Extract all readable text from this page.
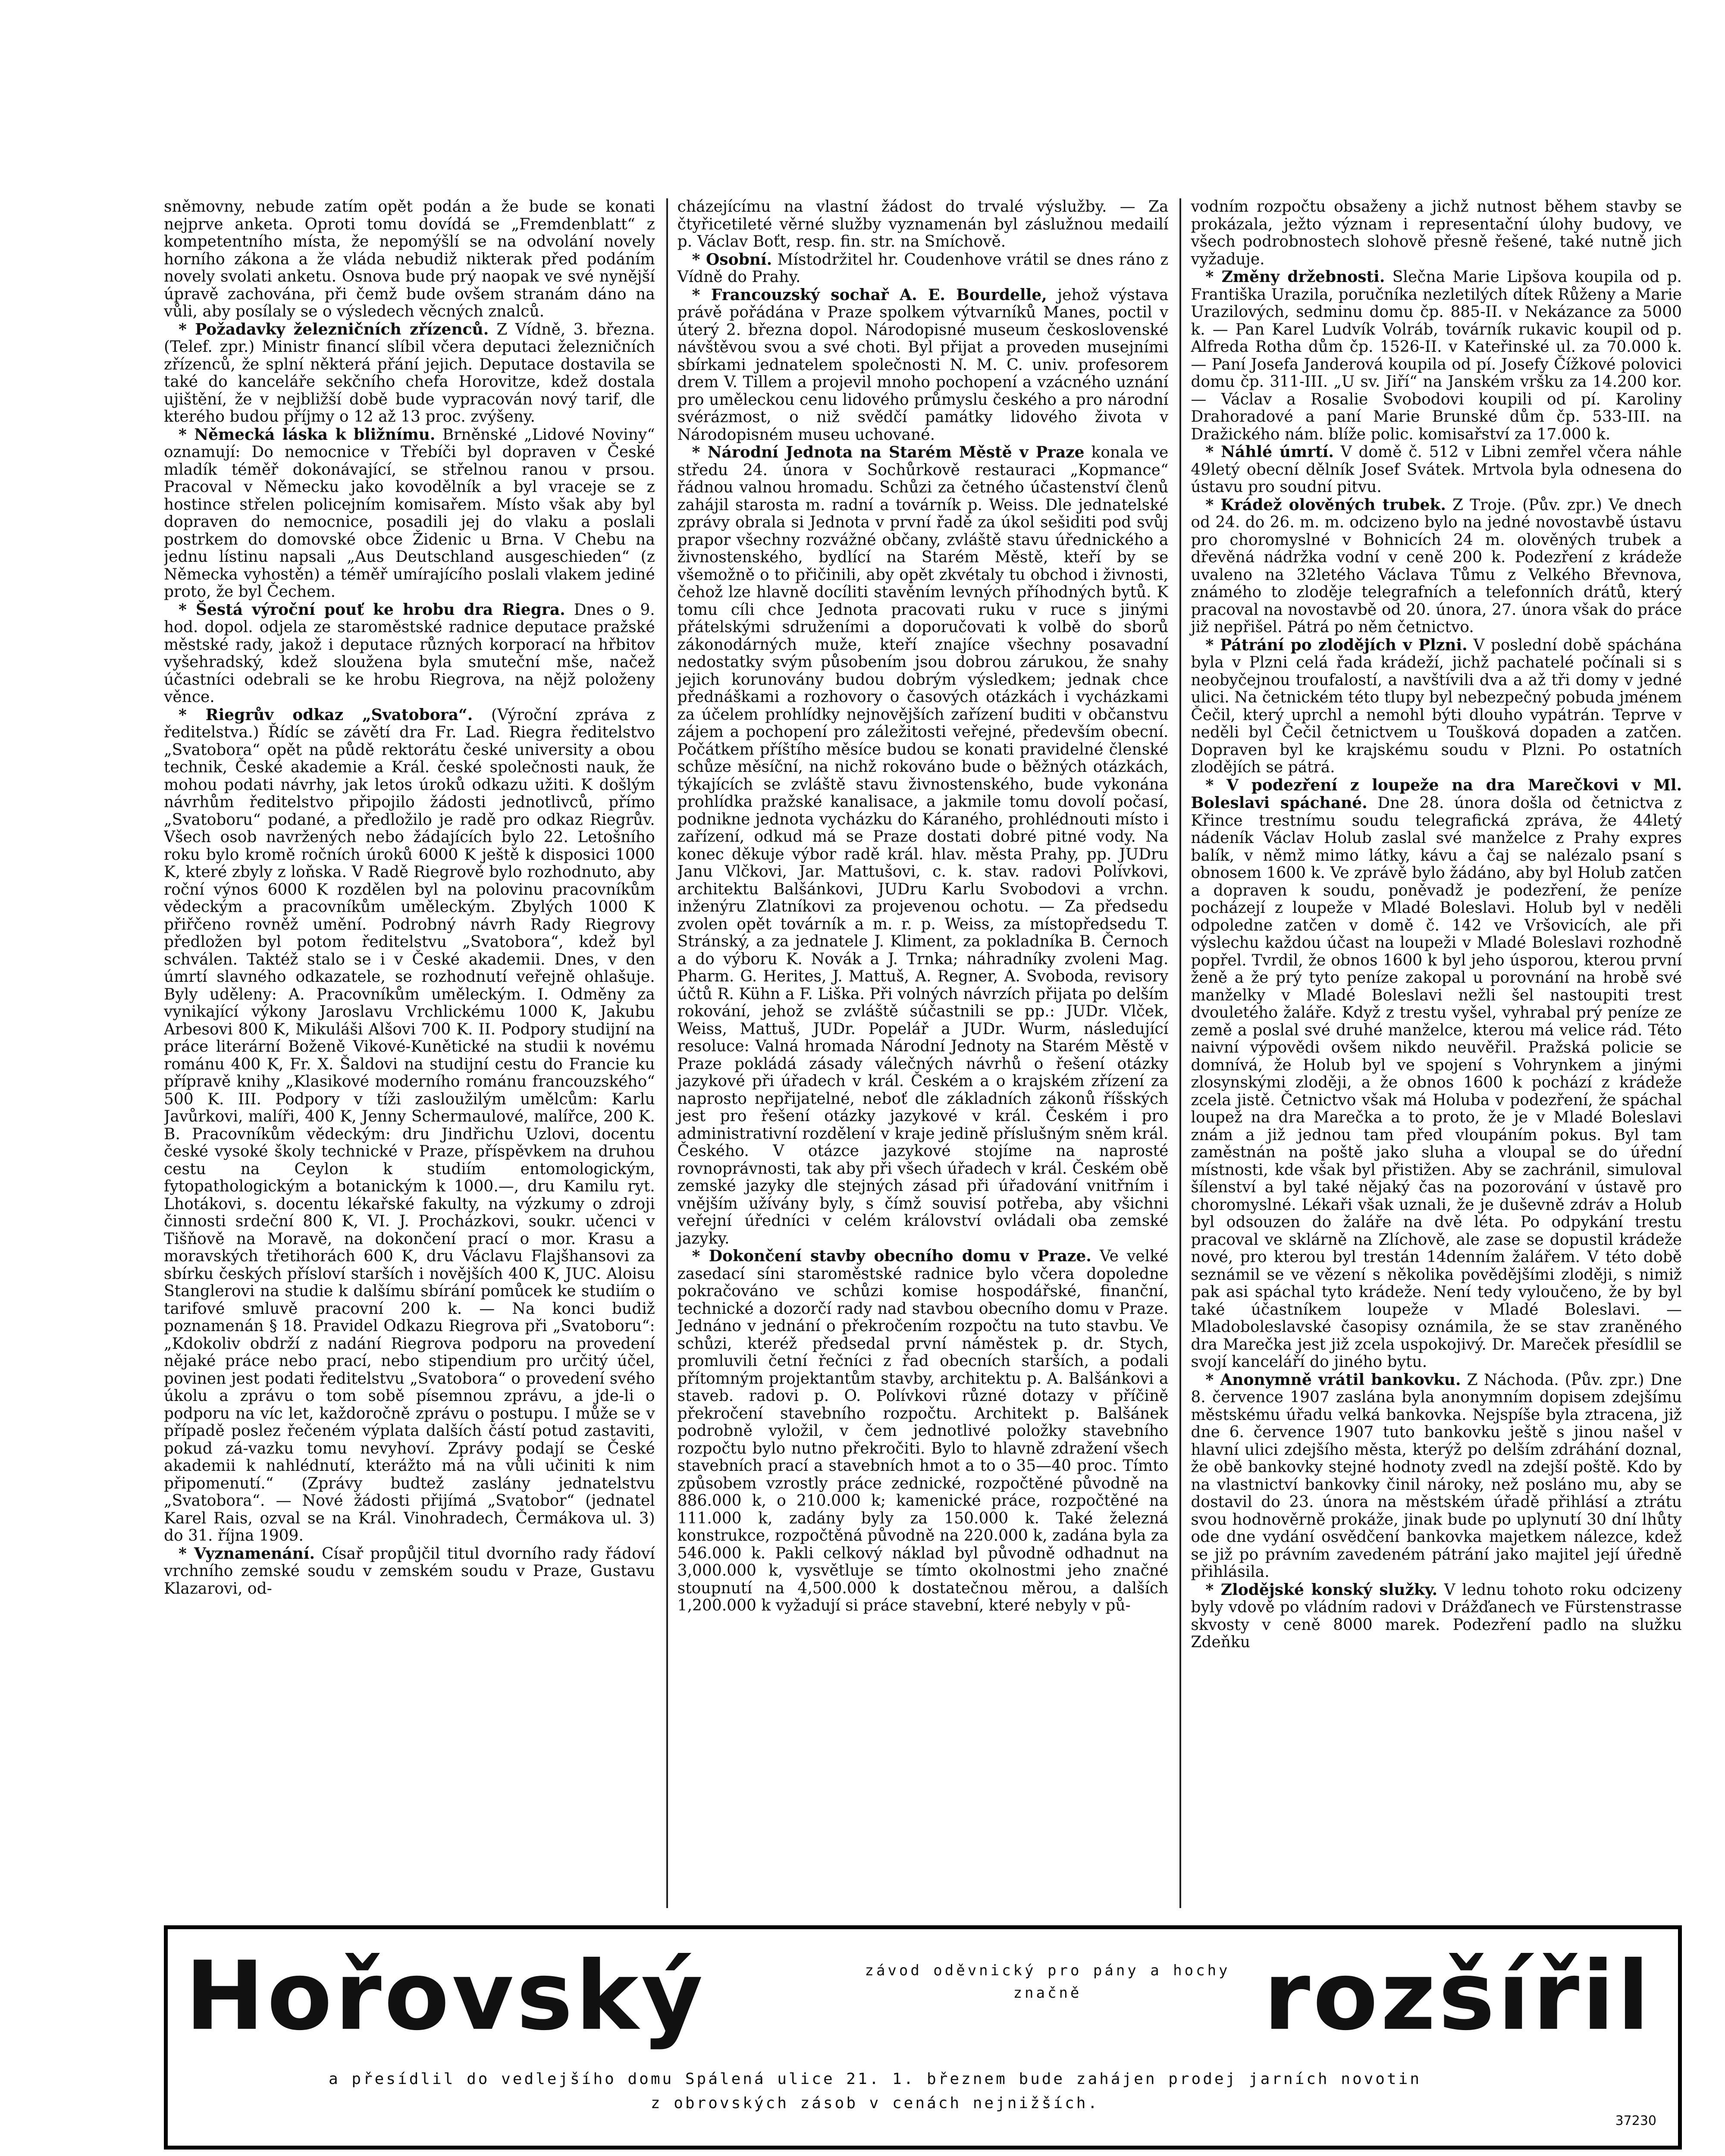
sněmovny, nebude zatím opět podán a že bude se konati nejprve anketa. Oproti tomu dovídá se „Fremdenblatt“ z kompetentního místa, že nepomýšlí se na odvolání novely horního zákona a že vláda nebudiž nikterak před podáním novely svolati anketu. Osnova bude prý naopak ve své nynější úpravě zachována, při čemž bude ovšem stranám dáno na vůli, aby posílaly se o výsledech věcných znalců.

* Požadavky železničních zřízenců. Z Vídně, 3. března. (Telef. zpr.) Ministr financí slíbil včera deputaci železničních zřízenců, že splní některá přání jejich. Deputace dostavila se také do kanceláře sekčního chefa Horovitze, kdež dostala ujištění, že v nejbližší době bude vypracován nový tarif, dle kterého budou příjmy o 12 až 13 proc. zvýšeny.

* Německá láska k bližnímu. Brněnské „Lidové Noviny“ oznamují: Do nemocnice v Třebíči byl dopraven v České mladík téměř dokonávající, se střelnou ranou v prsou. Pracoval v Německu jako kovodělník a byl vraceje se z hostince střelen policejním komisařem. Místo však aby byl dopraven do nemocnice, posadili jej do vlaku a poslali postrkem do domovské obce Židenic u Brna. V Chebu na jednu lístinu napsali „Aus Deutschland ausgeschieden“ (z Německa vyhostěn) a téměř umírajícího poslali vlakem jediné proto, že byl Čechem.

* Šestá výroční pouť ke hrobu dra Riegra. Dnes o 9. hod. dopol. odjela ze staroměstské radnice deputace pražské městské rady, jakož i deputace různých korporací na hřbitov vyšehradský, kdež sloužena byla smuteční mše, načež účastníci odebrali se ke hrobu Riegrova, na nějž položeny věnce.

* Riegrův odkaz „Svatobora“. (Výroční zpráva z ředitelstva.) Řídíc se závětí dra Fr. Lad. Riegra ředitelstvo „Svatobora“ opět na půdě rektorátu české university a obou technik, České akademie a Král. české společnosti nauk, že mohou podati návrhy, jak letos úroků odkazu užiti. K došlým návrhům ředitelstvo připojilo žádosti jednotlivců, přímo „Svatoboru“ podané, a předložilo je radě pro odkaz Riegrův. Všech osob navržených nebo žádajících bylo 22. Letošního roku bylo kromě ročních úroků 6000 K ještě k disposici 1000 K, které zbyly z loňska. V Radě Riegrově bylo rozhodnuto, aby roční výnos 6000 K rozdělen byl na polovinu pracovníkům vědeckým a pracovníkům uměleckým. Zbylých 1000 K přiřčeno rovněž umění. Podrobný návrh Rady Riegrovy předložen byl potom ředitelstvu „Svatobora“, kdež byl schválen. Taktéž stalo se i v České akademii. Dnes, v den úmrtí slavného odkazatele, se rozhodnutí veřejně ohlašuje. Byly uděleny: A. Pracovníkům uměleckým. I. Odměny za vynikající výkony Jaroslavu Vrchlickému 1000 K, Jakubu Arbesovi 800 K, Mikuláši Alšovi 700 K. II. Podpory studijní na práce literární Boženě Vikové-Kunětické na studii k novému románu 400 K, Fr. X. Šaldovi na studijní cestu do Francie ku přípravě knihy „Klasikové moderního románu francouzského“ 500 K. III. Podpory v tíži zasloužilým umělcům: Karlu Javůrkovi, malíři, 400 K, Jenny Schermaulové, malířce, 200 K. B. Pracovníkům vědeckým: dru Jindřichu Uzlovi, docentu české vysoké školy technické v Praze, příspěvkem na druhou cestu na Ceylon k studiím entomologickým, fytopathologickým a botanickým k 1000.—, dru Kamilu ryt. Lhotákovi, s. docentu lékařské fakulty, na výzkumy o zdroji činnosti srdeční 800 K, VI. J. Procházkovi, soukr. učenci v Tišňově na Moravě, na dokončení prací o mor. Krasu a moravských třetihorách 600 K, dru Václavu Flajšhansovi za sbírku českých přísloví starších i novějších 400 K, JUC. Aloisu Stanglerovi na studie k dalšímu sbírání pomůcek ke studiím o tarifové smluvě pracovní 200 k. — Na konci budiž poznamenán § 18. Pravidel Odkazu Riegrova při „Svatoboru“: „Kdokoliv obdrží z nadání Riegrova podporu na provedení nějaké práce nebo prací, nebo stipendium pro určitý účel, povinen jest podati ředitelstvu „Svatobora“ o provedení svého úkolu a zprávu o tom sobě písemnou zprávu, a jde-li o podporu na víc let, každoročně zprávu o postupu. I může se v případě poslez řečeném výplata dalších částí potud zastaviti, pokud zá-vazku tomu nevyhoví. Zprávy podají se České akademii k nahlédnutí, kterážto má na vůli učiniti k nim připomenutí.“ (Zprávy budtež zaslány jednatelstvu „Svatobora“. — Nové žádosti přijímá „Svatobor“ (jednatel Karel Rais, ozval se na Král. Vinohradech, Čermákova ul. 3) do 31. října 1909.

* Vyznamenání. Císař propůjčil titul dvorního rady řádoví vrchního zemské soudu v zemském soudu v Praze, Gustavu Klazarovi, od-

cházejícímu na vlastní žádost do trvalé výslužby. — Za čtyřicetileté věrné služby vyznamenán byl záslužnou medailí p. Václav Boťt, resp. fin. str. na Smíchově.

* Osobní. Místodržitel hr. Coudenhove vrátil se dnes ráno z Vídně do Prahy.

* Francouzský sochař A. E. Bourdelle, jehož výstava právě pořádána v Praze spolkem výtvarníků Manes, poctil v úterý 2. března dopol. Národopisné museum československé návštěvou svou a své choti. Byl přijat a proveden musejními sbírkami jednatelem společnosti N. M. C. univ. profesorem drem V. Tillem a projevil mnoho pochopení a vzácného uznání pro uměleckou cenu lidového průmyslu českého a pro národní svérázmost, o niž svědčí památky lidového života v Národopisném museu uchované.

* Národní Jednota na Starém Městě v Praze konala ve středu 24. února v Sochůrkově restauraci „Kopmance“ řádnou valnou hromadu. Schůzi za četného účastenství členů zahájil starosta m. radní a továrník p. Weiss. Dle jednatelské zprávy obrala si Jednota v první řadě za úkol sešiditi pod svůj prapor všechny rozvážné občany, zvláště stavu úřednického a živnostenského, bydlící na Starém Městě, kteří by se všemožně o to přičinili, aby opět zkvétaly tu obchod i živnosti, čehož lze hlavně docíliti stavěním levných příhodných bytů. K tomu cíli chce Jednota pracovati ruku v ruce s jinými přátelskými sdruženími a doporučovati k volbě do sborů zákonodárných muže, kteří znajíce všechny posavadní nedostatky svým působením jsou dobrou zárukou, že snahy jejich korunovány budou dobrým výsledkem; jednak chce přednáškami a rozhovory o časových otázkách i vycházkami za účelem prohlídky nejnovějších zařízení buditi v občanstvu zájem a pochopení pro záležitosti veřejné, především obecní. Počátkem příštího měsíce budou se konati pravidelné členské schůze měsíční, na nichž rokováno bude o běžných otázkách, týkajících se zvláště stavu živnostenského, bude vykonána prohlídka pražské kanalisace, a jakmile tomu dovolí počasí, podnikne jednota vycházku do Káraného, prohlédnouti místo i zařízení, odkud má se Praze dostati dobré pitné vody. Na konec děkuje výbor radě král. hlav. města Prahy, pp. JUDru Janu Vlčkovi, Jar. Mattušovi, c. k. stav. radovi Polívkovi, architektu Balšánkovi, JUDru Karlu Svobodovi a vrchn. inženýru Zlatníkovi za projevenou ochotu. — Za předsedu zvolen opět továrník a m. r. p. Weiss, za místopředsedu T. Stránský, a za jednatele J. Kliment, za pokladníka B. Černoch a do výboru K. Novák a J. Trnka; náhradníky zvoleni Mag. Pharm. G. Herites, J. Mattuš, A. Regner, A. Svoboda, revisory účtů R. Kühn a F. Liška. Při volných návrzích přijata po delším rokování, jehož se zvláště súčastnili se pp.: JUDr. Vlček, Weiss, Mattuš, JUDr. Popelář a JUDr. Wurm, následující resoluce: Valná hromada Národní Jednoty na Starém Městě v Praze pokládá zásady válečných návrhů o řešení otázky jazykové při úřadech v král. Českém a o krajském zřízení za naprosto nepřijatelné, neboť dle základních zákonů říšských jest pro řešení otázky jazykové v král. Českém i pro administrativní rozdělení v kraje jedině příslušným sněm král. Českého. V otázce jazykové stojíme na naprosté rovnoprávnosti, tak aby při všech úřadech v král. Českém obě zemské jazyky dle stejných zásad při úřadování vnitřním i vnějším užívány byly, s čímž souvisí potřeba, aby všichni veřejní úředníci v celém království ovládali oba zemské jazyky.

* Dokončení stavby obecního domu v Praze. Ve velké zasedací síni staroměstské radnice bylo včera dopoledne pokračováno ve schůzi komise hospodářské, finanční, technické a dozorčí rady nad stavbou obecního domu v Praze. Jednáno v jednání o překročením rozpočtu na tuto stavbu. Ve schůzi, kteréž předsedal první náměstek p. dr. Stych, promluvili četní řečníci z řad obecních starších, a podali přítomným projektantům stavby, architektu p. A. Balšánkovi a staveb. radovi p. O. Polívkovi různé dotazy v příčině překročení stavebního rozpočtu. Architekt p. Balšánek podrobně vyložil, v čem jednotlivé položky stavebního rozpočtu bylo nutno překročiti. Bylo to hlavně zdražení všech stavebních prací a stavebních hmot a to o 35—40 proc. Tímto způsobem vzrostly práce zednické, rozpočtěné původně na 886.000 k, o 210.000 k; kamenické práce, rozpočtěné na 111.000 k, zadány byly za 150.000 k. Také železná konstrukce, rozpočtěná původně na 220.000 k, zadána byla za 546.000 k. Pakli celkový náklad byl původně odhadnut na 3,000.000 k, vysvětluje se tímto okolnostmi jeho značné stoupnutí na 4,500.000 k dostatečnou měrou, a dalších 1,200.000 k vyžadují si práce stavební, které nebyly v pů-

vodním rozpočtu obsaženy a jichž nutnost během stavby se prokázala, ježto význam i representační úlohy budovy, ve všech podrobnostech slohově přesně řešené, také nutně jich vyžaduje.

* Změny držebnosti. Slečna Marie Lipšova koupila od p. Františka Urazila, poručníka nezletilých dítek Růženy a Marie Urazilových, sedminu domu čp. 885-II. v Nekázance za 5000 k. — Pan Karel Ludvík Volráb, továrník rukavic koupil od p. Alfreda Rotha dům čp. 1526-II. v Kateřinské ul. za 70.000 k. — Paní Josefa Janderová koupila od pí. Josefy Čížkové polovici domu čp. 311-III. „U sv. Jiří“ na Janském vršku za 14.200 kor. — Václav a Rosalie Svobodovi koupili od pí. Karoliny Drahoradové a paní Marie Brunské dům čp. 533-III. na Dražického nám. blíže polic. komisařství za 17.000 k.

* Náhlé úmrtí. V domě č. 512 v Libni zemřel včera náhle 49letý obecní dělník Josef Svátek. Mrtvola byla odnesena do ústavu pro soudní pitvu.

* Krádež olověných trubek. Z Troje. (Pův. zpr.) Ve dnech od 24. do 26. m. m. odcizeno bylo na jedné novostavbě ústavu pro choromyslné v Bohnicích 24 m. olověných trubek a dřevěná nádržka vodní v ceně 200 k. Podezření z krádeže uvaleno na 32letého Václava Tůmu z Velkého Břevnova, známého to zloděje telegrafních a telefonních drátů, který pracoval na novostavbě od 20. února, 27. února však do práce již nepřišel. Pátrá po něm četnictvo.

* Pátrání po zlodějích v Plzni. V poslední době spáchána byla v Plzni celá řada krádeží, jichž pachatelé počínali si s neobyčejnou troufalostí, a navštívili dva a až tři domy v jedné ulici. Na četnickém této tlupy byl nebezpečný pobuda jménem Čečil, který uprchl a nemohl býti dlouho vypátrán. Teprve v neděli byl Čečil četnictvem u Toušková dopaden a zatčen. Dopraven byl ke krajskému soudu v Plzni. Po ostatních zlodějích se pátrá.

* V podezření z loupeže na dra Marečkovi v Ml. Boleslavi spáchané. Dne 28. února došla od četnictva z Křince trestnímu soudu telegrafická zpráva, že 44letý nádeník Václav Holub zaslal své manželce z Prahy expres balík, v němž mimo látky, kávu a čaj se nalézalo psaní s obnosem 1600 k. Ve zprávě bylo žádáno, aby byl Holub zatčen a dopraven k soudu, poněvadž je podezření, že peníze pocházejí z loupeže v Mladé Boleslavi. Holub byl v neděli odpoledne zatčen v domě č. 142 ve Vršovicích, ale při výslechu každou účast na loupeži v Mladé Boleslavi rozhodně popřel. Tvrdil, že obnos 1600 k byl jeho úsporou, kterou první ženě a že prý tyto peníze zakopal u porovnání na hrobě své manželky v Mladé Boleslavi nežli šel nastoupiti trest dvouletého žaláře. Když z trestu vyšel, vyhrabal prý peníze ze země a poslal své druhé manželce, kterou má velice rád. Této naivní výpovědi ovšem nikdo neuvěřil. Pražská policie se domnívá, že Holub byl ve spojení s Vohrynkem a jinými zlosynskými zloději, a že obnos 1600 k pochází z krádeže zcela jistě. Četnictvo však má Holuba v podezření, že spáchal loupež na dra Marečka a to proto, že je v Mladé Boleslavi znám a již jednou tam před vloupáním pokus. Byl tam zaměstnán na poště jako sluha a vloupal se do úřední místnosti, kde však byl přistižen. Aby se zachránil, simuloval šílenství a byl také nějaký čas na pozorování v ústavě pro choromyslné. Lékaři však uznali, že je duševně zdráv a Holub byl odsouzen do žaláře na dvě léta. Po odpykání trestu pracoval ve sklárně na Zlíchově, ale zase se dopustil krádeže nové, pro kterou byl trestán 14denním žalářem. V této době seznámil se ve vězení s několika povědějšími zloději, s nimiž pak asi spáchal tyto krádeže. Není tedy vyloučeno, že by byl také účastníkem loupeže v Mladé Boleslavi. — Mladoboleslavské časopisy oznámila, že se stav zraněného dra Marečka jest již zcela uspokojivý. Dr. Mareček přesídlil se svojí kanceláří do jiného bytu.

* Anonymně vrátil bankovku. Z Náchoda. (Pův. zpr.) Dne 8. července 1907 zaslána byla anonymním dopisem zdejšímu městskému úřadu velká bankovka. Nejspíše byla ztracena, již dne 6. července 1907 tuto bankovku ještě s jinou našel v hlavní ulici zdejšího města, kterýž po delším zdráhání doznal, že obě bankovky stejné hodnoty zvedl na zdejší poště. Kdo by na vlastnictví bankovky činil nároky, než posláno mu, aby se dostavil do 23. února na městském úřadě přihlásí a ztrátu svou hodnověrně prokáže, jinak bude po uplynutí 30 dní lhůty ode dne vydání osvědčení bankovka majetkem nálezce, kdež se již po právním zavedeném pátrání jako majitel její úředně přihlásila.

* Zlodějské konský služky. V lednu tohoto roku odcizeny byly vdově po vládním radovi v Drážďanech ve Fürstenstrasse skvosty v ceně 8000 marek. Podezření padlo na služku Zdeňku

Hořovský	závod oděvnický pro pány a hochy
značně	rozšířil
a přesídlil do vedlejšího domu Spálená ulice 21. 1. březnem bude zahájen prodej jarních novotin
z obrovských zásob v cenách nejnižších.
37230
